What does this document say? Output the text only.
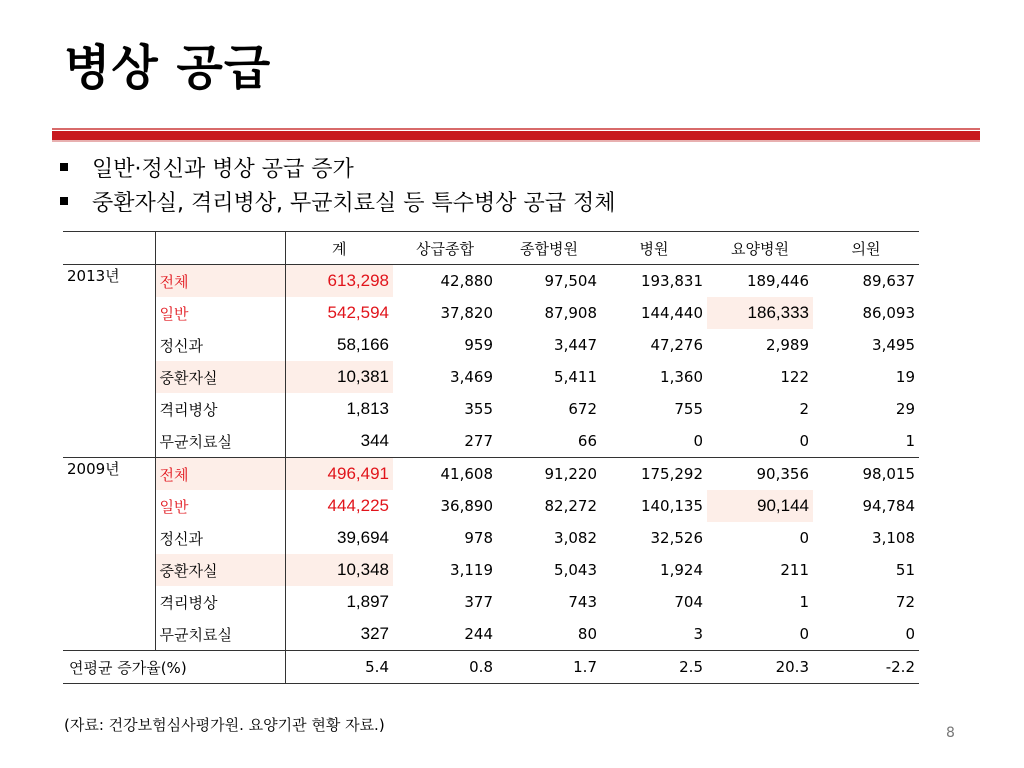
병상 공급
일반·정신과 병상 공급 증가
중환자실, 격리병상, 무균치료실 등 특수병상 공급 정체
		계	상급종합	종합병원	병원	요양병원	의원
2013년	전체	613,298	42,880	97,504	193,831	189,446	89,637
	일반	542,594	37,820	87,908	144,440	186,333	86,093
	정신과	58,166	959	3,447	47,276	2,989	3,495
	중환자실	10,381	3,469	5,411	1,360	122	19
	격리병상	1,813	355	672	755	2	29
	무균치료실	344	277	66	0	0	1
2009년	전체	496,491	41,608	91,220	175,292	90,356	98,015
	일반	444,225	36,890	82,272	140,135	90,144	94,784
	정신과	39,694	978	3,082	32,526	0	3,108
	중환자실	10,348	3,119	5,043	1,924	211	51
	격리병상	1,897	377	743	704	1	72
	무균치료실	327	244	80	3	0	0
연평균 증가율(%)		5.4	0.8	1.7	2.5	20.3	-2.2
(자료: 건강보험심사평가원. 요양기관 현황 자료.)	8
